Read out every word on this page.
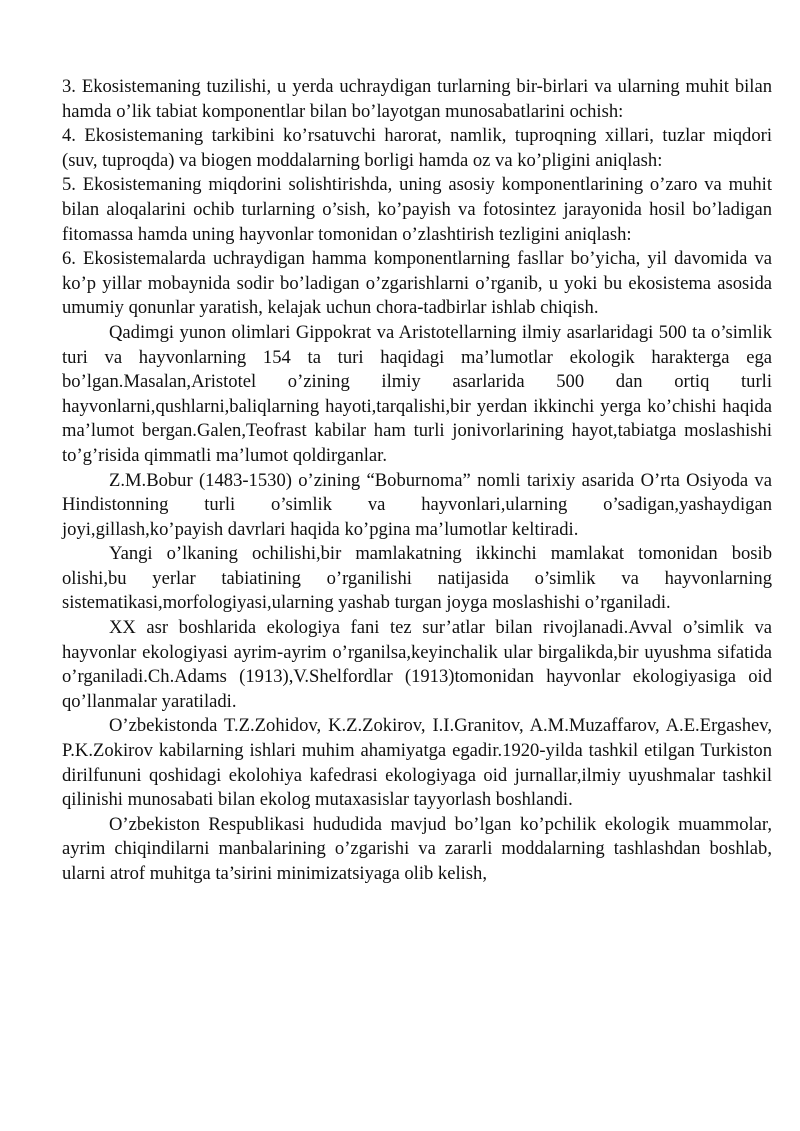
3. Ekosistemaning tuzilishi, u yerda uchraydigan turlarning bir-birlari va ularning muhit bilan hamda o’lik tabiat komponentlar bilan bo’layotgan munosabatlarini ochish:

4. Ekosistemaning tarkibini ko’rsatuvchi harorat, namlik, tuproqning xillari, tuzlar miqdori (suv, tuproqda) va biogen moddalarning borligi hamda oz va ko’pligini aniqlash:

5. Ekosistemaning miqdorini solishtirishda, uning asosiy komponentlarining o’zaro va muhit bilan aloqalarini ochib turlarning o’sish, ko’payish va fotosintez jarayonida hosil bo’ladigan fitomassa hamda uning hayvonlar tomonidan o’zlashtirish tezligini aniqlash:

6. Ekosistemalarda uchraydigan hamma komponentlarning fasllar bo’yicha, yil davomida va ko’p yillar mobaynida sodir bo’ladigan o’zgarishlarni o’rganib, u yoki bu ekosistema asosida umumiy qonunlar yaratish, kelajak uchun chora-tadbirlar ishlab chiqish.

Qadimgi yunon olimlari Gippokrat va Aristotellarning ilmiy asarlaridagi 500 ta o’simlik turi va hayvonlarning 154 ta turi haqidagi ma’lumotlar ekologik harakterga ega bo’lgan.Masalan,Aristotel o’zining ilmiy asarlarida 500 dan ortiq turli hayvonlarni,qushlarni,baliqlarning hayoti,tarqalishi,bir yerdan ikkinchi yerga ko’chishi haqida ma’lumot bergan.Galen,Teofrast kabilar ham turli jonivorlarining hayot,tabiatga moslashishi to’g’risida qimmatli ma’lumot qoldirganlar.

Z.M.Bobur (1483-1530) o’zining “Boburnoma” nomli tarixiy asarida O’rta Osiyoda va Hindistonning turli o’simlik va hayvonlari,ularning o’sadigan,yashaydigan joyi,gillash,ko’payish davrlari haqida ko’pgina ma’lumotlar keltiradi.

Yangi o’lkaning ochilishi,bir mamlakatning ikkinchi mamlakat tomonidan bosib olishi,bu yerlar tabiatining o’rganilishi natijasida o’simlik va hayvonlarning sistematikasi,morfologiyasi,ularning yashab turgan joyga moslashishi o’rganiladi.

XX asr boshlarida ekologiya fani tez sur’atlar bilan rivojlanadi.Avval o’simlik va hayvonlar ekologiyasi ayrim-ayrim o’rganilsa,keyinchalik ular birgalikda,bir uyushma sifatida o’rganiladi.Ch.Adams (1913),V.Shelfordlar (1913)tomonidan hayvonlar ekologiyasiga oid qo’llanmalar yaratiladi.

O’zbekistonda T.Z.Zohidov, K.Z.Zokirov, I.I.Granitov, A.M.Muzaffarov, A.E.Ergashev, P.K.Zokirov kabilarning ishlari muhim ahamiyatga egadir.1920-yilda tashkil etilgan Turkiston dirilfununi qoshidagi ekolohiya kafedrasi ekologiyaga oid jurnallar,ilmiy uyushmalar tashkil qilinishi munosabati bilan ekolog mutaxasislar tayyorlash boshlandi.

O’zbekiston Respublikasi hududida mavjud bo’lgan ko’pchilik ekologik muammolar, ayrim chiqindilarni manbalarining o’zgarishi va zararli moddalarning tashlashdan boshlab, ularni atrof muhitga ta’sirini minimizatsiyaga olib kelish,
